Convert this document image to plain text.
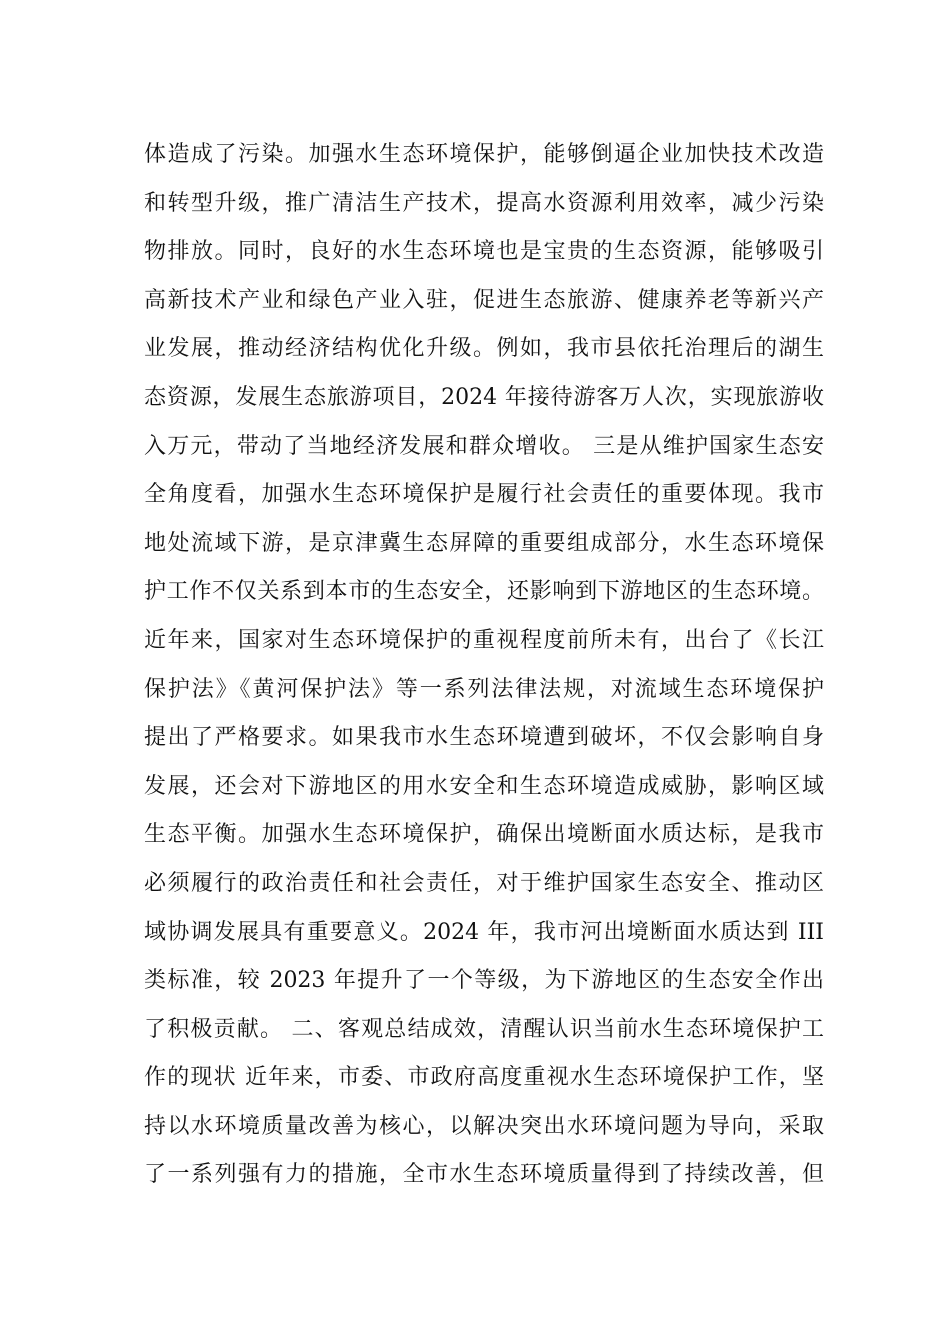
体造成了污染。加强水生态环境保护，能够倒逼企业加快技术改造
和转型升级，推广清洁生产技术，提高水资源利用效率，减少污染
物排放。同时，良好的水生态环境也是宝贵的生态资源，能够吸引
高新技术产业和绿色产业入驻，促进生态旅游、健康养老等新兴产
业发展，推动经济结构优化升级。例如，我市县依托治理后的湖生
态资源，发展生态旅游项目，2024 年接待游客万人次，实现旅游收
入万元，带动了当地经济发展和群众增收。 三是从维护国家生态安
全角度看，加强水生态环境保护是履行社会责任的重要体现。我市
地处流域下游，是京津冀生态屏障的重要组成部分，水生态环境保
护工作不仅关系到本市的生态安全，还影响到下游地区的生态环境。
近年来，国家对生态环境保护的重视程度前所未有，出台了《长江
保护法》《黄河保护法》等一系列法律法规，对流域生态环境保护
提出了严格要求。如果我市水生态环境遭到破坏，不仅会影响自身
发展，还会对下游地区的用水安全和生态环境造成威胁，影响区域
生态平衡。加强水生态环境保护，确保出境断面水质达标，是我市
必须履行的政治责任和社会责任，对于维护国家生态安全、推动区
域协调发展具有重要意义。2024 年，我市河出境断面水质达到 III
类标准，较 2023 年提升了一个等级，为下游地区的生态安全作出
了积极贡献。 二、客观总结成效，清醒认识当前水生态环境保护工
作的现状 近年来，市委、市政府高度重视水生态环境保护工作，坚
持以水环境质量改善为核心，以解决突出水环境问题为导向，采取
了一系列强有力的措施，全市水生态环境质量得到了持续改善，但
